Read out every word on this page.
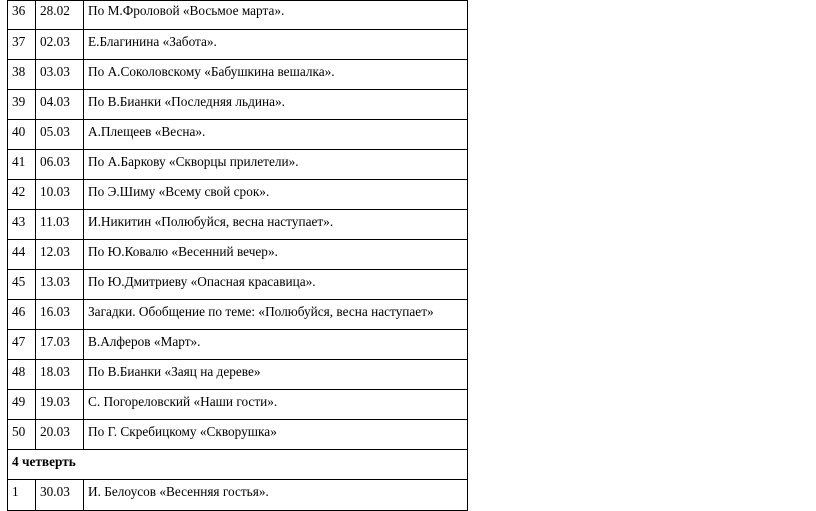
36	28.02	По М.Фроловой «Восьмое марта».
37	02.03	Е.Благинина «Забота».
38	03.03	По А.Соколовскому «Бабушкина вешалка».
39	04.03	По В.Бианки «Последняя льдина».
40	05.03	А.Плещеев «Весна».
41	06.03	По А.Баркову «Скворцы прилетели».
42	10.03	По Э.Шиму «Всему свой срок».
43	11.03	И.Никитин «Полюбуйся, весна наступает».
44	12.03	По Ю.Ковалю «Весенний вечер».
45	13.03	По Ю.Дмитриеву «Опасная красавица».
46	16.03	Загадки. Обобщение по теме: «Полюбуйся, весна наступает»
47	17.03	В.Алферов «Март».
48	18.03	По В.Бианки «Заяц на дереве»
49	19.03	С. Погореловский «Наши гости».
50	20.03	По Г. Скребицкому «Скворушка»
4 четверть		
1	30.03	И. Белоусов «Весенняя гостья».
